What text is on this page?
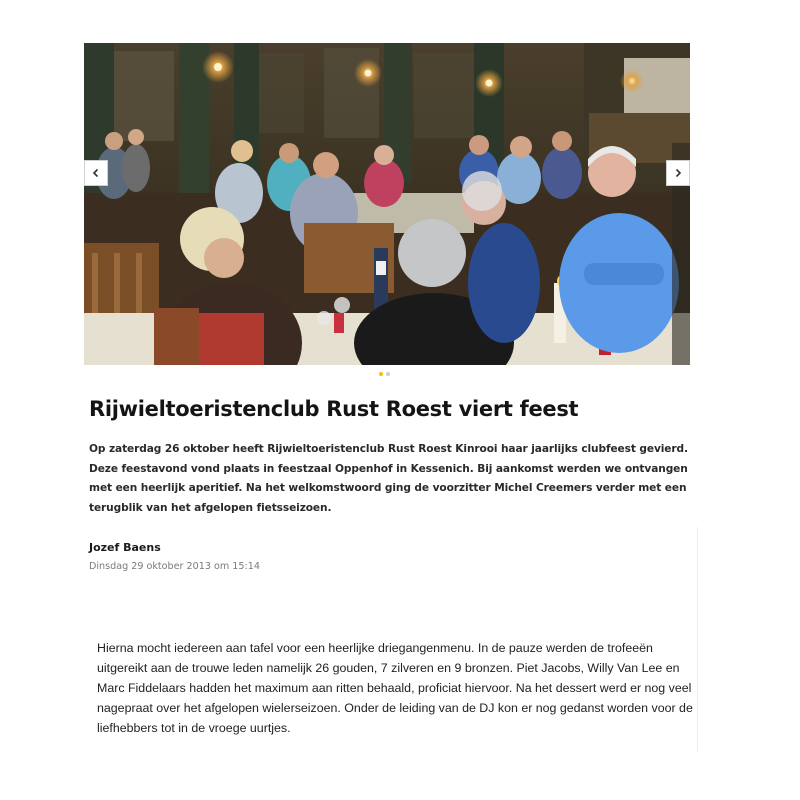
Rijwieltoeristenclub Rust Roest viert feest

Op zaterdag 26 oktober heeft Rijwieltoeristenclub Rust Roest Kinrooi haar jaarlijks clubfeest gevierd. Deze feestavond vond plaats in feestzaal Oppenhof in Kessenich. Bij aankomst werden we ontvangen met een heerlijk aperitief. Na het welkomstwoord ging de voorzitter Michel Creemers verder met een terugblik van het afgelopen fietsseizoen.

Jozef Baens
Dinsdag 29 oktober 2013 om 15:14

Hierna mocht iedereen aan tafel voor een heerlijke driegangenmenu. In de pauze werden de trofeeën uitgereikt aan de trouwe leden namelijk 26 gouden, 7 zilveren en 9 bronzen. Piet Jacobs, Willy Van Lee en Marc Fiddelaars hadden het maximum aan ritten behaald, proficiat hiervoor. Na het dessert werd er nog veel nagepraat over het afgelopen wielerseizoen. Onder de leiding van de DJ kon er nog gedanst worden voor de liefhebbers tot in de vroege uurtjes.
